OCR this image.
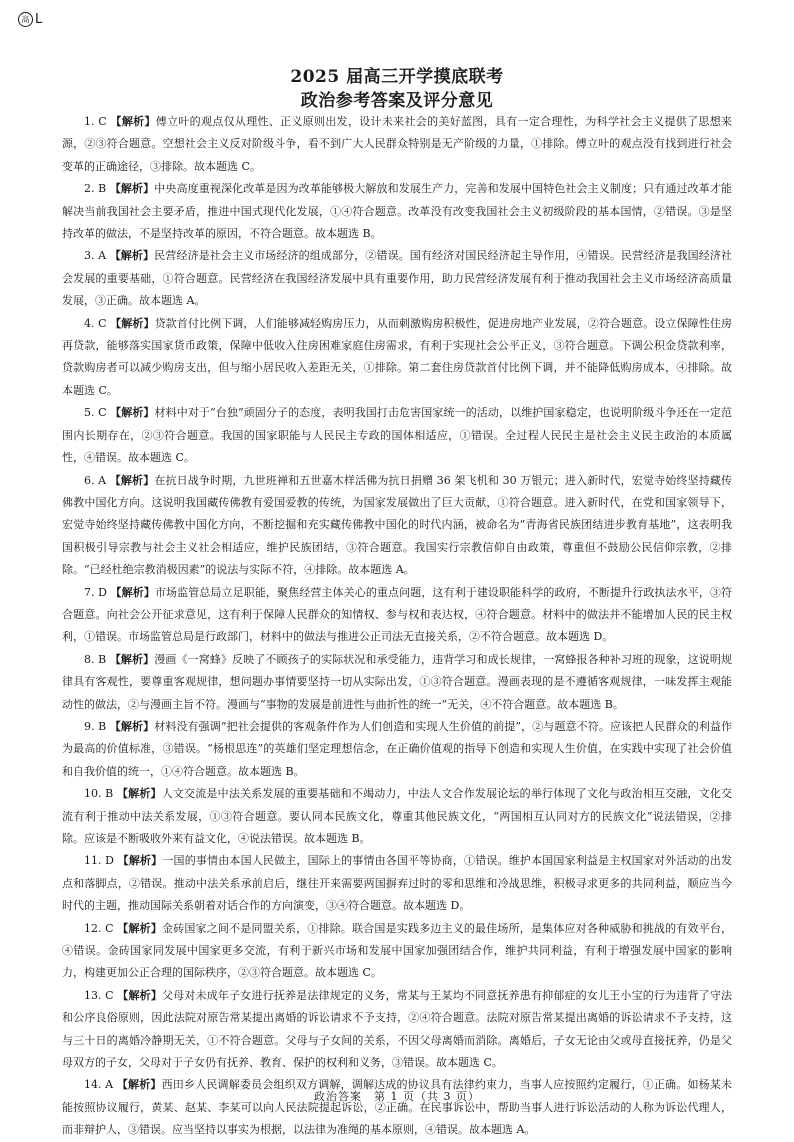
高 L
2025 届高三开学摸底联考
政治参考答案及评分意见

1. C 【解析】傅立叶的观点仅从理性、正义原则出发，设计未来社会的美好蓝图，具有一定合理性，为科学社会主义提供了思想来源，②③符合题意。空想社会主义反对阶级斗争，看不到广大人民群众特别是无产阶级的力量，①排除。傅立叶的观点没有找到进行社会变革的正确途径，③排除。故本题选 C。

2. B 【解析】中央高度重视深化改革是因为改革能够极大解放和发展生产力，完善和发展中国特色社会主义制度；只有通过改革才能解决当前我国社会主要矛盾，推进中国式现代化发展，①④符合题意。改革没有改变我国社会主义初级阶段的基本国情，②错误。③是坚持改革的做法，不是坚持改革的原因，不符合题意。故本题选 B。

3. A 【解析】民营经济是社会主义市场经济的组成部分，②错误。国有经济对国民经济起主导作用，④错误。民营经济是我国经济社会发展的重要基础，①符合题意。民营经济在我国经济发展中具有重要作用，助力民营经济发展有利于推动我国社会主义市场经济高质量发展，③正确。故本题选 A。

4. C 【解析】贷款首付比例下调，人们能够减轻购房压力，从而刺激购房积极性，促进房地产业发展，②符合题意。设立保障性住房再贷款，能够落实国家货币政策，保障中低收入住房困难家庭住房需求，有利于实现社会公平正义，③符合题意。下调公积金贷款利率，贷款购房者可以减少购房支出，但与缩小居民收入差距无关，①排除。第二套住房贷款首付比例下调，并不能降低购房成本，④排除。故本题选 C。

5. C 【解析】材料中对于“台独”顽固分子的态度，表明我国打击危害国家统一的活动，以维护国家稳定，也说明阶级斗争还在一定范围内长期存在，②③符合题意。我国的国家职能与人民民主专政的国体相适应，①错误。全过程人民民主是社会主义民主政治的本质属性，④错误。故本题选 C。

6. A 【解析】在抗日战争时期，九世班禅和五世嘉木样活佛为抗日捐赠 36 架飞机和 30 万银元；进入新时代，宏觉寺始终坚持藏传佛教中国化方向。这说明我国藏传佛教有爱国爱教的传统，为国家发展做出了巨大贡献，①符合题意。进入新时代，在党和国家领导下，宏觉寺始终坚持藏传佛教中国化方向，不断挖掘和充实藏传佛教中国化的时代内涵，被命名为“青海省民族团结进步教育基地”，这表明我国积极引导宗教与社会主义社会相适应，维护民族团结，③符合题意。我国实行宗教信仰自由政策，尊重但不鼓励公民信仰宗教，②排除。“已经杜绝宗教消极因素”的说法与实际不符，④排除。故本题选 A。

7. D 【解析】市场监管总局立足职能，聚焦经营主体关心的重点问题，这有利于建设职能科学的政府，不断提升行政执法水平，③符合题意。向社会公开征求意见，这有利于保障人民群众的知情权、参与权和表达权，④符合题意。材料中的做法并不能增加人民的民主权利，①错误。市场监管总局是行政部门，材料中的做法与推进公正司法无直接关系，②不符合题意。故本题选 D。

8. B 【解析】漫画《一窝蜂》反映了不顾孩子的实际状况和承受能力，违背学习和成长规律，一窝蜂报各种补习班的现象，这说明规律具有客观性，要尊重客观规律，想问题办事情要坚持一切从实际出发，①③符合题意。漫画表现的是不遵循客观规律，一味发挥主观能动性的做法，②与漫画主旨不符。漫画与“事物的发展是前进性与曲折性的统一”无关，④不符合题意。故本题选 B。

9. B 【解析】材料没有强调“把社会提供的客观条件作为人们创造和实现人生价值的前提”，②与题意不符。应该把人民群众的利益作为最高的价值标准，③错误。“杨根思连”的英雄们坚定理想信念，在正确价值观的指导下创造和实现人生价值，在实践中实现了社会价值和自我价值的统一，①④符合题意。故本题选 B。

10. B 【解析】人文交流是中法关系发展的重要基础和不竭动力，中法人文合作发展论坛的举行体现了文化与政治相互交融，文化交流有利于推动中法关系发展，①③符合题意。要认同本民族文化，尊重其他民族文化，“两国相互认同对方的民族文化”说法错误，②排除。应该是不断吸收外来有益文化，④说法错误。故本题选 B。

11. D 【解析】一国的事情由本国人民做主，国际上的事情由各国平等协商，①错误。维护本国国家利益是主权国家对外活动的出发点和落脚点，②错误。推动中法关系承前启后，继往开来需要两国摒弃过时的零和思维和冷战思维，积极寻求更多的共同利益，顺应当今时代的主题，推动国际关系朝着对话合作的方向演变，③④符合题意。故本题选 D。

12. C 【解析】金砖国家之间不是同盟关系，①排除。联合国是实践多边主义的最佳场所，是集体应对各种威胁和挑战的有效平台，④错误。金砖国家同发展中国家更多交流，有利于新兴市场和发展中国家加强团结合作，维护共同利益，有利于增强发展中国家的影响力，构建更加公正合理的国际秩序，②③符合题意。故本题选 C。

13. C 【解析】父母对未成年子女进行抚养是法律规定的义务，常某与王某均不同意抚养患有抑郁症的女儿王小宝的行为违背了守法和公序良俗原则，因此法院对原告常某提出离婚的诉讼请求不予支持，②④符合题意。法院对原告常某提出离婚的诉讼请求不予支持，这与三十日的离婚冷静期无关，①不符合题意。父母与子女间的关系，不因父母离婚而消除。离婚后，子女无论由父或母直接抚养，仍是父母双方的子女，父母对于子女仍有抚养、教育、保护的权利和义务，③错误。故本题选 C。

14. A 【解析】西田乡人民调解委员会组织双方调解，调解达成的协议具有法律约束力，当事人应按照约定履行，①正确。如杨某未能按照协议履行，黄某、赵某、李某可以向人民法院提起诉讼，②正确。在民事诉讼中，帮助当事人进行诉讼活动的人称为诉讼代理人，而非辩护人，③错误。应当坚持以事实为根据，以法律为准绳的基本原则，④错误。故本题选 A。

政治答案　第 1 页（共 3 页）
